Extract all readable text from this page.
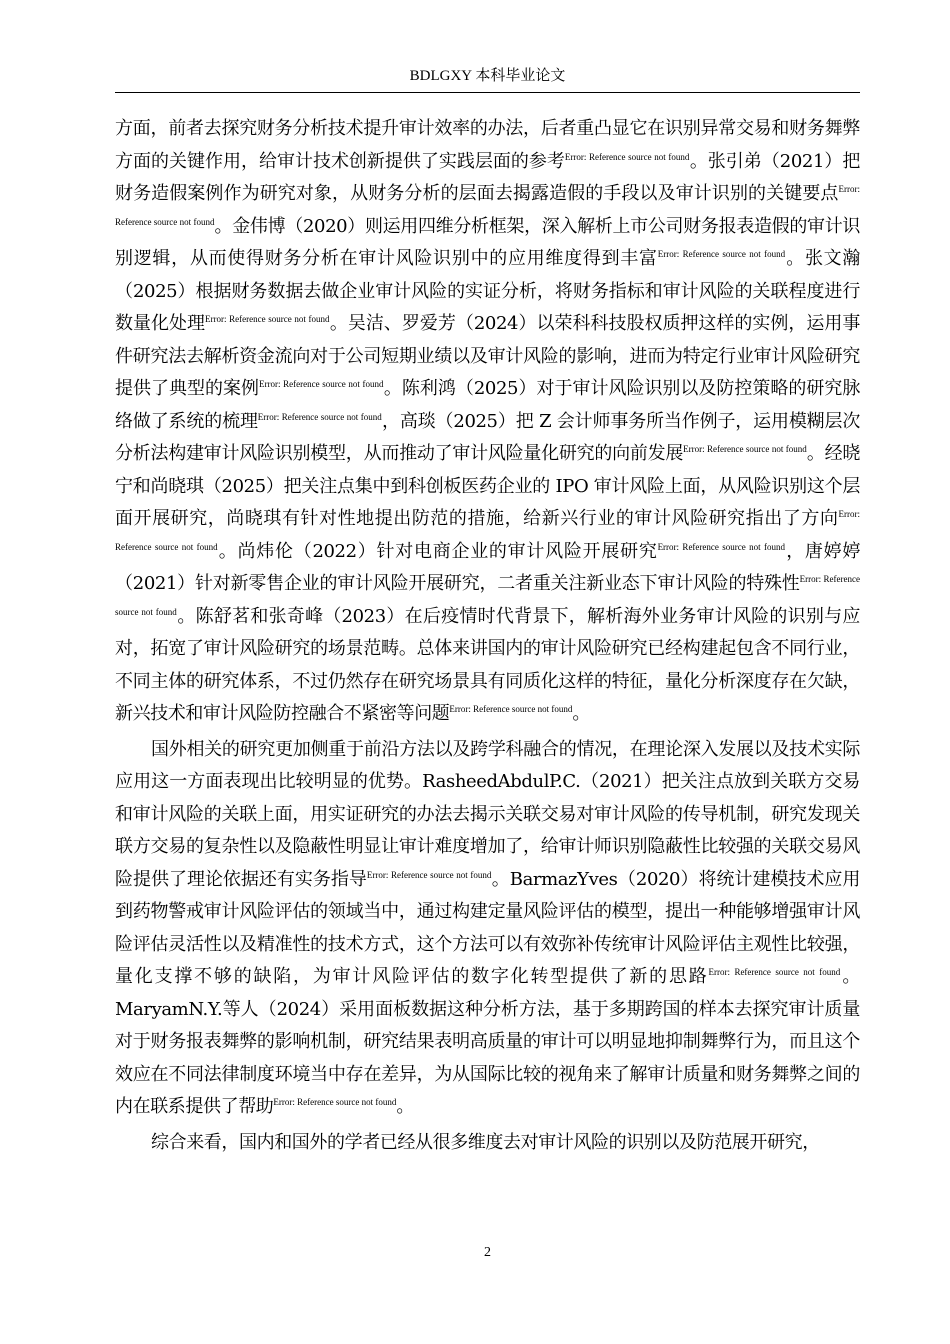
BDLGXY 本科毕业论文

方面，前者去探究财务分析技术提升审计效率的办法，后者重凸显它在识别异常交易和财务舞弊方面的关键作用，给审计技术创新提供了实践层面的参考$^{Error: Reference source not found}$。张引弟（2021）把财务造假案例作为研究对象，从财务分析的层面去揭露造假的手段以及审计识别的关键要点$^{Error: Reference source not found}$。金伟博（2020）则运用四维分析框架，深入解析上市公司财务报表造假的审计识别逻辑，从而使得财务分析在审计风险识别中的应用维度得到丰富$^{Error: Reference source not found}$。张文瀚（2025）根据财务数据去做企业审计风险的实证分析，将财务指标和审计风险的关联程度进行数量化处理$^{Error: Reference source not found}$。吴洁、罗爱芳（2024）以荣科科技股权质押这样的实例，运用事件研究法去解析资金流向对于公司短期业绩以及审计风险的影响，进而为特定行业审计风险研究提供了典型的案例$^{Error: Reference source not found}$。陈利鸿（2025）对于审计风险识别以及防控策略的研究脉络做了系统的梳理$^{Error: Reference source not found}$，高琰（2025）把 Z 会计师事务所当作例子，运用模糊层次分析法构建审计风险识别模型，从而推动了审计风险量化研究的向前发展$^{Error: Reference source not found}$。经晓宁和尚晓琪（2025）把关注点集中到科创板医药企业的 IPO 审计风险上面，从风险识别这个层面开展研究，尚晓琪有针对性地提出防范的措施，给新兴行业的审计风险研究指出了方向$^{Error: Reference source not found}$。尚炜伦（2022）针对电商企业的审计风险开展研究$^{Error: Reference source not found}$，唐婷婷（2021）针对新零售企业的审计风险开展研究，二者重关注新业态下审计风险的特殊性$^{Error: Reference source not found}$。陈舒茗和张奇峰（2023）在后疫情时代背景下，解析海外业务审计风险的识别与应对，拓宽了审计风险研究的场景范畴。总体来讲国内的审计风险研究已经构建起包含不同行业，不同主体的研究体系，不过仍然存在研究场景具有同质化这样的特征，量化分析深度存在欠缺，新兴技术和审计风险防控融合不紧密等问题$^{Error: Reference source not found}$。

国外相关的研究更加侧重于前沿方法以及跨学科融合的情况，在理论深入发展以及技术实际应用这一方面表现出比较明显的优势。RasheedAbdulP.C.（2021）把关注点放到关联方交易和审计风险的关联上面，用实证研究的办法去揭示关联交易对审计风险的传导机制，研究发现关联方交易的复杂性以及隐蔽性明显让审计难度增加了，给审计师识别隐蔽性比较强的关联交易风险提供了理论依据还有实务指导$^{Error: Reference source not found}$。BarmazYves（2020）将统计建模技术应用到药物警戒审计风险评估的领域当中，通过构建定量风险评估的模型，提出一种能够增强审计风险评估灵活性以及精准性的技术方式，这个方法可以有效弥补传统审计风险评估主观性比较强，量化支撑不够的缺陷，为审计风险评估的数字化转型提供了新的思路$^{Error: Reference source not found}$。MaryamN.Y.等人（2024）采用面板数据这种分析方法，基于多期跨国的样本去探究审计质量对于财务报表舞弊的影响机制，研究结果表明高质量的审计可以明显地抑制舞弊行为，而且这个效应在不同法律制度环境当中存在差异，为从国际比较的视角来了解审计质量和财务舞弊之间的内在联系提供了帮助$^{Error: Reference source not found}$。

综合来看，国内和国外的学者已经从很多维度去对审计风险的识别以及防范展开研究，

2
